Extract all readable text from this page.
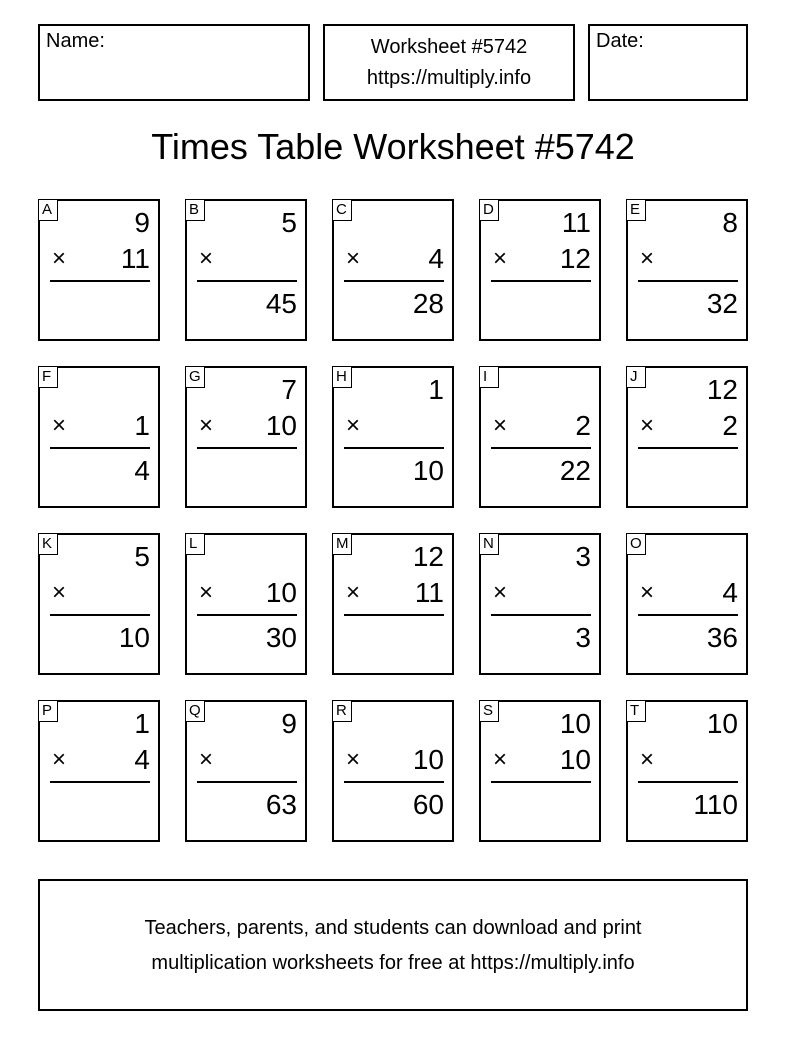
Name:	Worksheet #5742
https://multiply.info
Date:
Times Table Worksheet #5742
A	9
× 11
B	5
×
45
C
× 4
28
D 11
× 12
E	8
×
32
F
× 1
4
G	7
× 10
H	1
×
10
I
× 2
22
J	12
× 2
K	5
×
10
L
× 10
30
M 12
× 11
N	3
×
3
O
× 4
36
P	1
× 4
Q	9
×
63
R
× 10
60
S 10
× 10
T 10
×
110
Teachers, parents, and students can download and print
multiplication worksheets for free at https://multiply.info
